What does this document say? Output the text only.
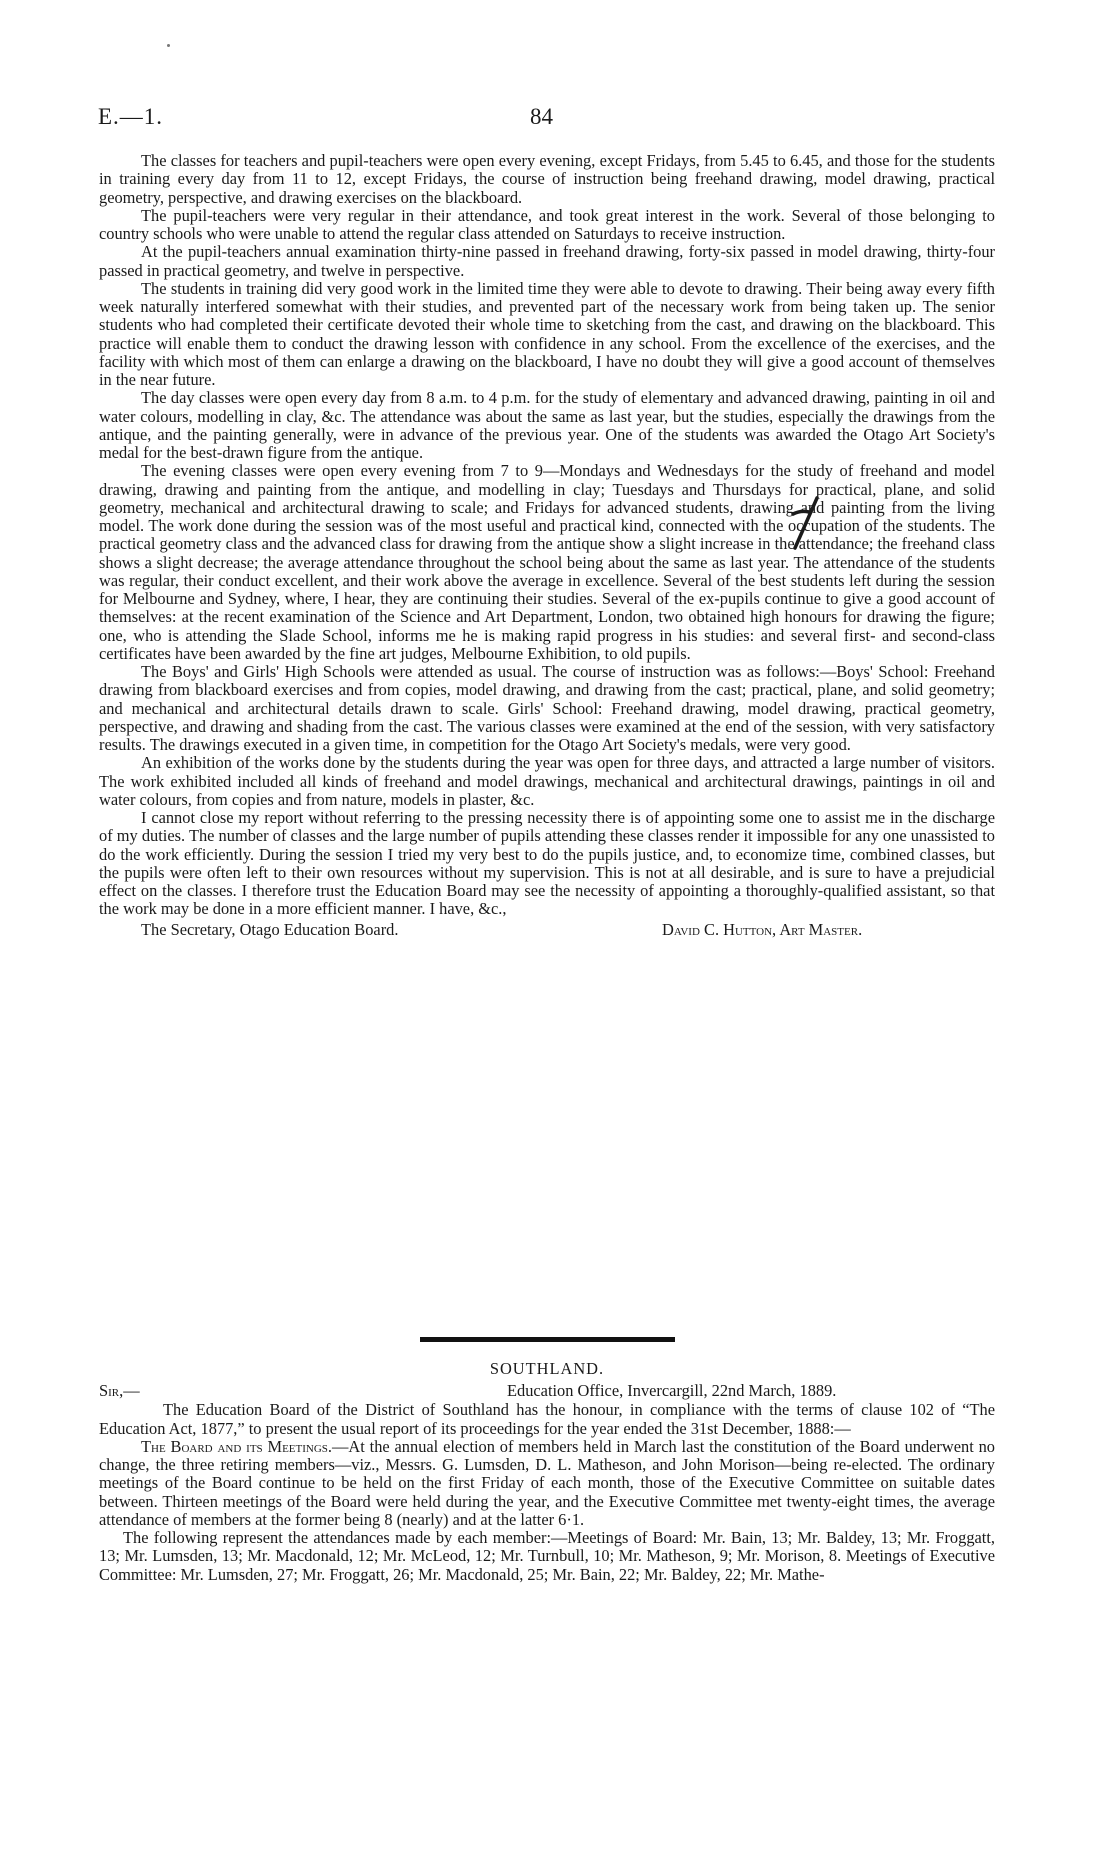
E.—1.	84

The classes for teachers and pupil-teachers were open every evening, except Fridays, from 5.45 to 6.45, and those for the students in training every day from 11 to 12, except Fridays, the course of instruction being freehand drawing, model drawing, practical geometry, perspective, and drawing exercises on the blackboard.

The pupil-teachers were very regular in their attendance, and took great interest in the work. Several of those belonging to country schools who were unable to attend the regular class attended on Saturdays to receive instruction.

At the pupil-teachers annual examination thirty-nine passed in freehand drawing, forty-six passed in model drawing, thirty-four passed in practical geometry, and twelve in perspective.

The students in training did very good work in the limited time they were able to devote to drawing. Their being away every fifth week naturally interfered somewhat with their studies, and prevented part of the necessary work from being taken up. The senior students who had completed their certificate devoted their whole time to sketching from the cast, and drawing on the blackboard. This practice will enable them to conduct the drawing lesson with confidence in any school. From the excellence of the exercises, and the facility with which most of them can enlarge a drawing on the blackboard, I have no doubt they will give a good account of themselves in the near future.

The day classes were open every day from 8 a.m. to 4 p.m. for the study of elementary and advanced drawing, painting in oil and water colours, modelling in clay, &c. The attendance was about the same as last year, but the studies, especially the drawings from the antique, and the painting generally, were in advance of the previous year. One of the students was awarded the Otago Art Society's medal for the best-drawn figure from the antique.

The evening classes were open every evening from 7 to 9—Mondays and Wednesdays for the study of freehand and model drawing, drawing and painting from the antique, and modelling in clay; Tuesdays and Thursdays for practical, plane, and solid geometry, mechanical and architectural drawing to scale; and Fridays for advanced students, drawing and painting from the living model. The work done during the session was of the most useful and practical kind, connected with the occupation of the students. The practical geometry class and the advanced class for drawing from the antique show a slight increase in the attendance; the freehand class shows a slight decrease; the average attendance throughout the school being about the same as last year. The attendance of the students was regular, their conduct excellent, and their work above the average in excellence. Several of the best students left during the session for Melbourne and Sydney, where, I hear, they are continuing their studies. Several of the ex-pupils continue to give a good account of themselves: at the recent examination of the Science and Art Department, London, two obtained high honours for drawing the figure; one, who is attending the Slade School, informs me he is making rapid progress in his studies: and several first- and second-class certificates have been awarded by the fine art judges, Melbourne Exhibition, to old pupils.

The Boys' and Girls' High Schools were attended as usual. The course of instruction was as follows:—Boys' School: Freehand drawing from blackboard exercises and from copies, model drawing, and drawing from the cast; practical, plane, and solid geometry; and mechanical and architectural details drawn to scale. Girls' School: Freehand drawing, model drawing, practical geometry, perspective, and drawing and shading from the cast. The various classes were examined at the end of the session, with very satisfactory results. The drawings executed in a given time, in competition for the Otago Art Society's medals, were very good.

An exhibition of the works done by the students during the year was open for three days, and attracted a large number of visitors. The work exhibited included all kinds of freehand and model drawings, mechanical and architectural drawings, paintings in oil and water colours, from copies and from nature, models in plaster, &c.

I cannot close my report without referring to the pressing necessity there is of appointing some one to assist me in the discharge of my duties. The number of classes and the large number of pupils attending these classes render it impossible for any one unassisted to do the work efficiently. During the session I tried my very best to do the pupils justice, and, to economize time, combined classes, but the pupils were often left to their own resources without my supervision. This is not at all desirable, and is sure to have a prejudicial effect on the classes. I therefore trust the Education Board may see the necessity of appointing a thoroughly-qualified assistant, so that the work may be done in a more efficient manner. I have, &c.,

The Secretary, Otago Education Board.	David C. Hutton, Art Master.
SOUTHLAND.
Sir,—	Education Office, Invercargill, 22nd March, 1889.

The Education Board of the District of Southland has the honour, in compliance with the terms of clause 102 of “The Education Act, 1877,” to present the usual report of its proceedings for the year ended the 31st December, 1888:—

The Board and its Meetings.—At the annual election of members held in March last the constitution of the Board underwent no change, the three retiring members—viz., Messrs. G. Lumsden, D. L. Matheson, and John Morison—being re-elected. The ordinary meetings of the Board continue to be held on the first Friday of each month, those of the Executive Committee on suitable dates between. Thirteen meetings of the Board were held during the year, and the Executive Committee met twenty-eight times, the average attendance of members at the former being 8 (nearly) and at the latter 6·1.

The following represent the attendances made by each member:—Meetings of Board: Mr. Bain, 13; Mr. Baldey, 13; Mr. Froggatt, 13; Mr. Lumsden, 13; Mr. Macdonald, 12; Mr. McLeod, 12; Mr. Turnbull, 10; Mr. Matheson, 9; Mr. Morison, 8. Meetings of Executive Committee: Mr. Lumsden, 27; Mr. Froggatt, 26; Mr. Macdonald, 25; Mr. Bain, 22; Mr. Baldey, 22; Mr. Mathe-
